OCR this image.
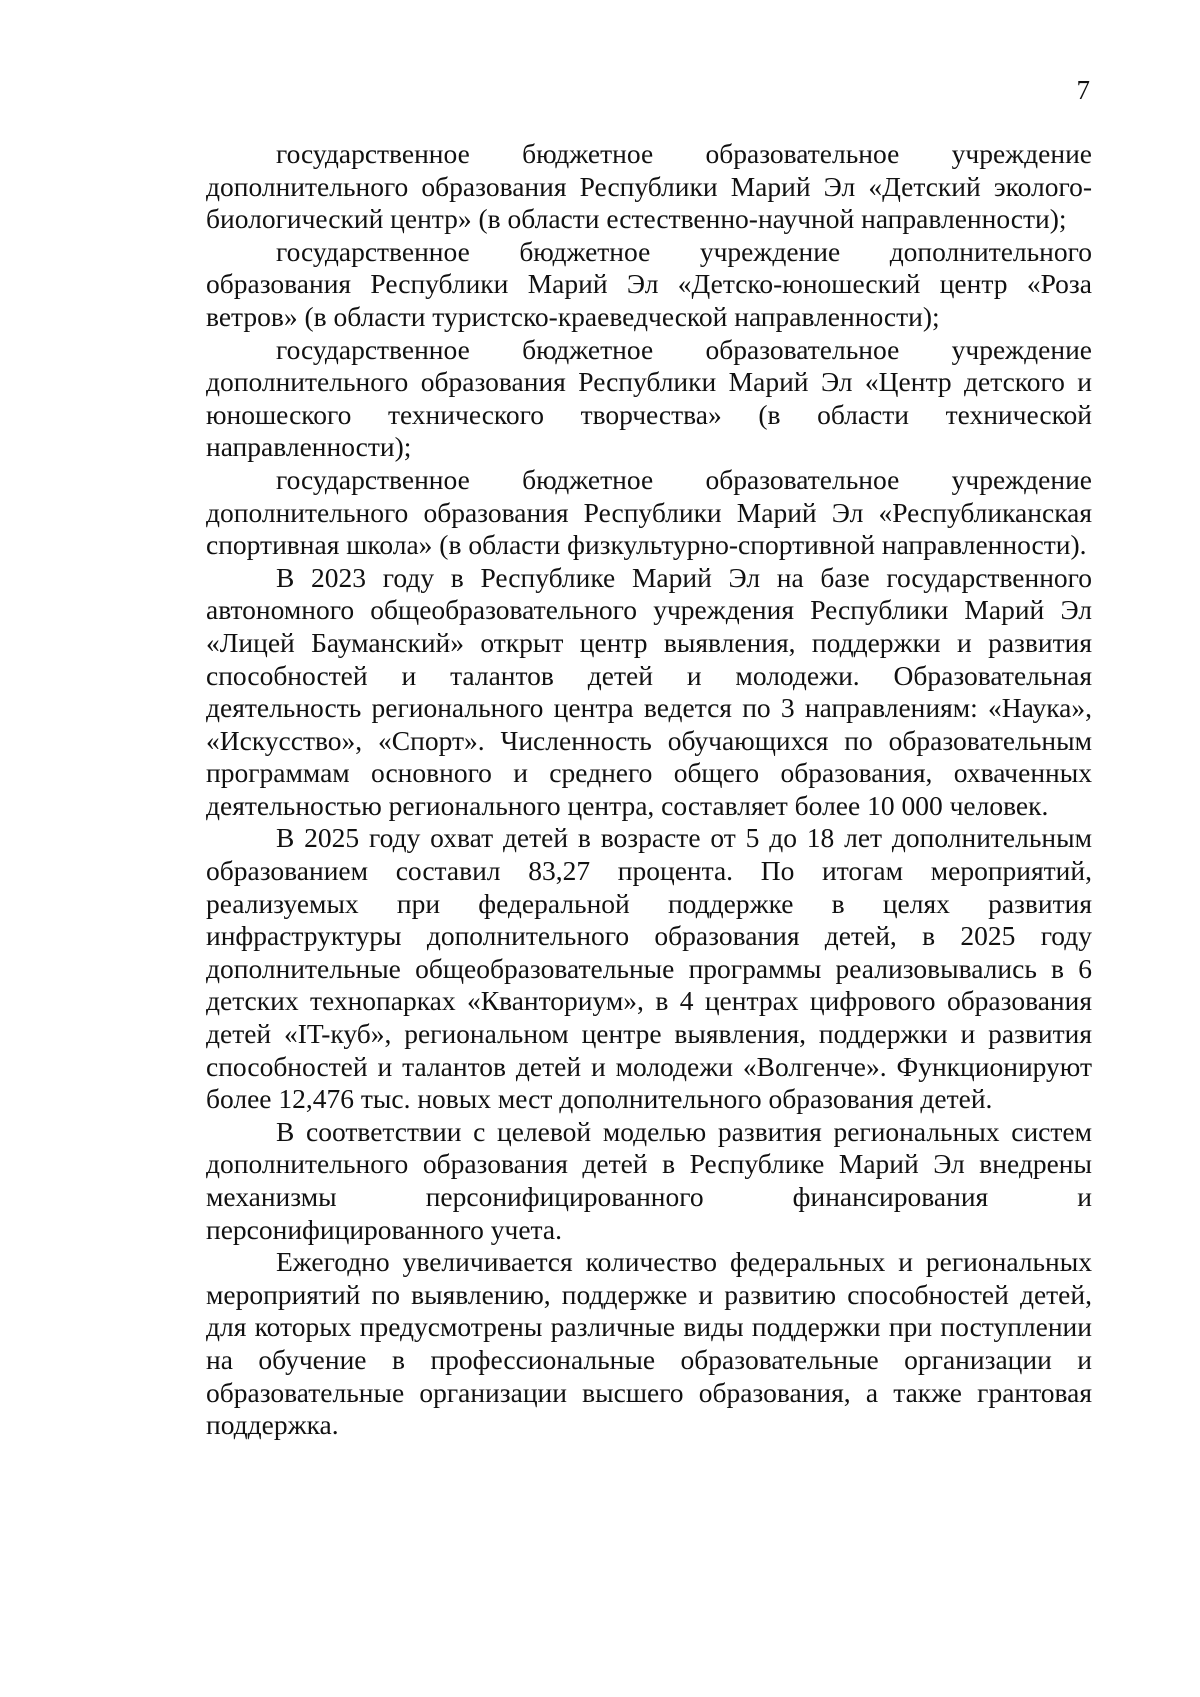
7

государственное бюджетное образовательное учреждение дополнительного образования Республики Марий Эл «Детский эколого-биологический центр» (в области естественно-научной направленности);

государственное бюджетное учреждение дополнительного образования Республики Марий Эл «Детско-юношеский центр «Роза ветров» (в области туристско-краеведческой направленности);

государственное бюджетное образовательное учреждение дополнительного образования Республики Марий Эл «Центр детского и юношеского технического творчества» (в области технической направленности);

государственное бюджетное образовательное учреждение дополнительного образования Республики Марий Эл «Республиканская спортивная школа» (в области физкультурно-спортивной направленности).

В 2023 году в Республике Марий Эл на базе государственного автономного общеобразовательного учреждения Республики Марий Эл «Лицей Бауманский» открыт центр выявления, поддержки и развития способностей и талантов детей и молодежи. Образовательная деятельность регионального центра ведется по 3 направлениям: «Наука», «Искусство», «Спорт». Численность обучающихся по образовательным программам основного и среднего общего образования, охваченных деятельностью регионального центра, составляет более 10 000 человек.

В 2025 году охват детей в возрасте от 5 до 18 лет дополнительным образованием составил 83,27 процента. По итогам мероприятий, реализуемых при федеральной поддержке в целях развития инфраструктуры дополнительного образования детей, в 2025 году дополнительные общеобразовательные программы реализовывались в 6 детских технопарках «Кванториум», в 4 центрах цифрового образования детей «IT-куб», региональном центре выявления, поддержки и развития способностей и талантов детей и молодежи «Волгенче». Функционируют более 12,476 тыс. новых мест дополнительного образования детей.

В соответствии с целевой моделью развития региональных систем дополнительного образования детей в Республике Марий Эл внедрены механизмы персонифицированного финансирования и персонифицированного учета.

Ежегодно увеличивается количество федеральных и региональных мероприятий по выявлению, поддержке и развитию способностей детей, для которых предусмотрены различные виды поддержки при поступлении на обучение в профессиональные образовательные организации и образовательные организации высшего образования, а также грантовая поддержка.
